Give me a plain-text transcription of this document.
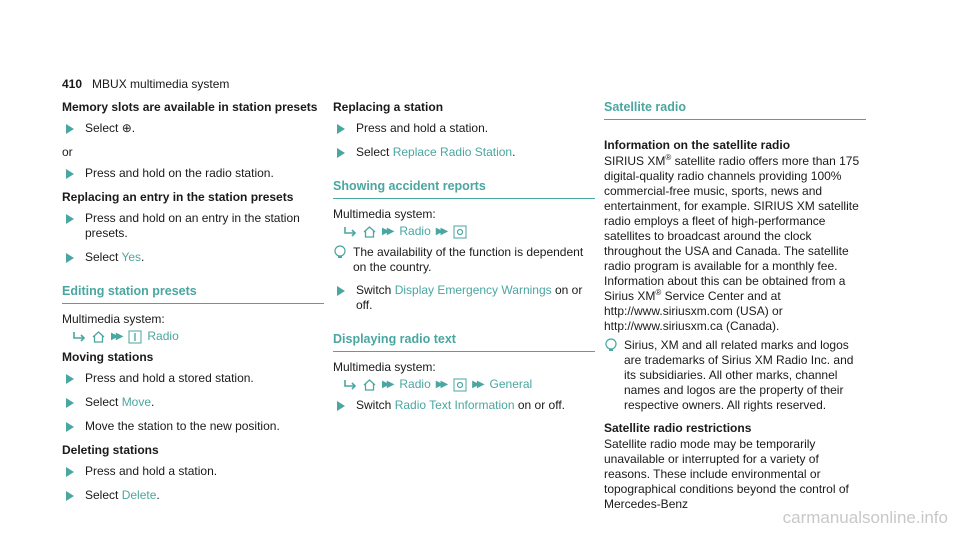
410 MBUX multimedia system
Memory slots are available in station presets
Select ⊕.
or
Press and hold on the radio station.
Replacing an entry in the station presets
Press and hold on an entry in the station presets.
Select Yes.
Editing station presets
Multimedia system:
▶▶ Radio
Moving stations
Press and hold a stored station.
Select Move.
Move the station to the new position.
Deleting stations
Press and hold a station.
Select Delete.
Replacing a station
Press and hold a station.
Select Replace Radio Station.
Showing accident reports
Multimedia system:
▶▶ Radio ▶▶
The availability of the function is dependent on the country.
Switch Display Emergency Warnings on or off.
Displaying radio text
Multimedia system:
▶▶ Radio ▶▶	▶▶ General
Switch Radio Text Information on or off.
Satellite radio
Information on the satellite radio
SIRIUS XM® satellite radio offers more than 175 digital-quality radio channels providing 100% commercial-free music, sports, news and entertainment, for example. SIRIUS XM satellite radio employs a fleet of high-performance satellites to broadcast around the clock throughout the USA and Canada. The satellite radio program is available for a monthly fee. Information about this can be obtained from a Sirius XM® Service Center and at http://www.siriusxm.com (USA) or http://www.siriusxm.ca (Canada).
Sirius, XM and all related marks and logos are trademarks of Sirius XM Radio Inc. and its subsidiaries. All other marks, channel names and logos are the property of their respective owners. All rights reserved.
Satellite radio restrictions
Satellite radio mode may be temporarily unavailable or interrupted for a variety of reasons. These include environmental or topographical conditions beyond the control of Mercedes-Benz
carmanualsonline.info
